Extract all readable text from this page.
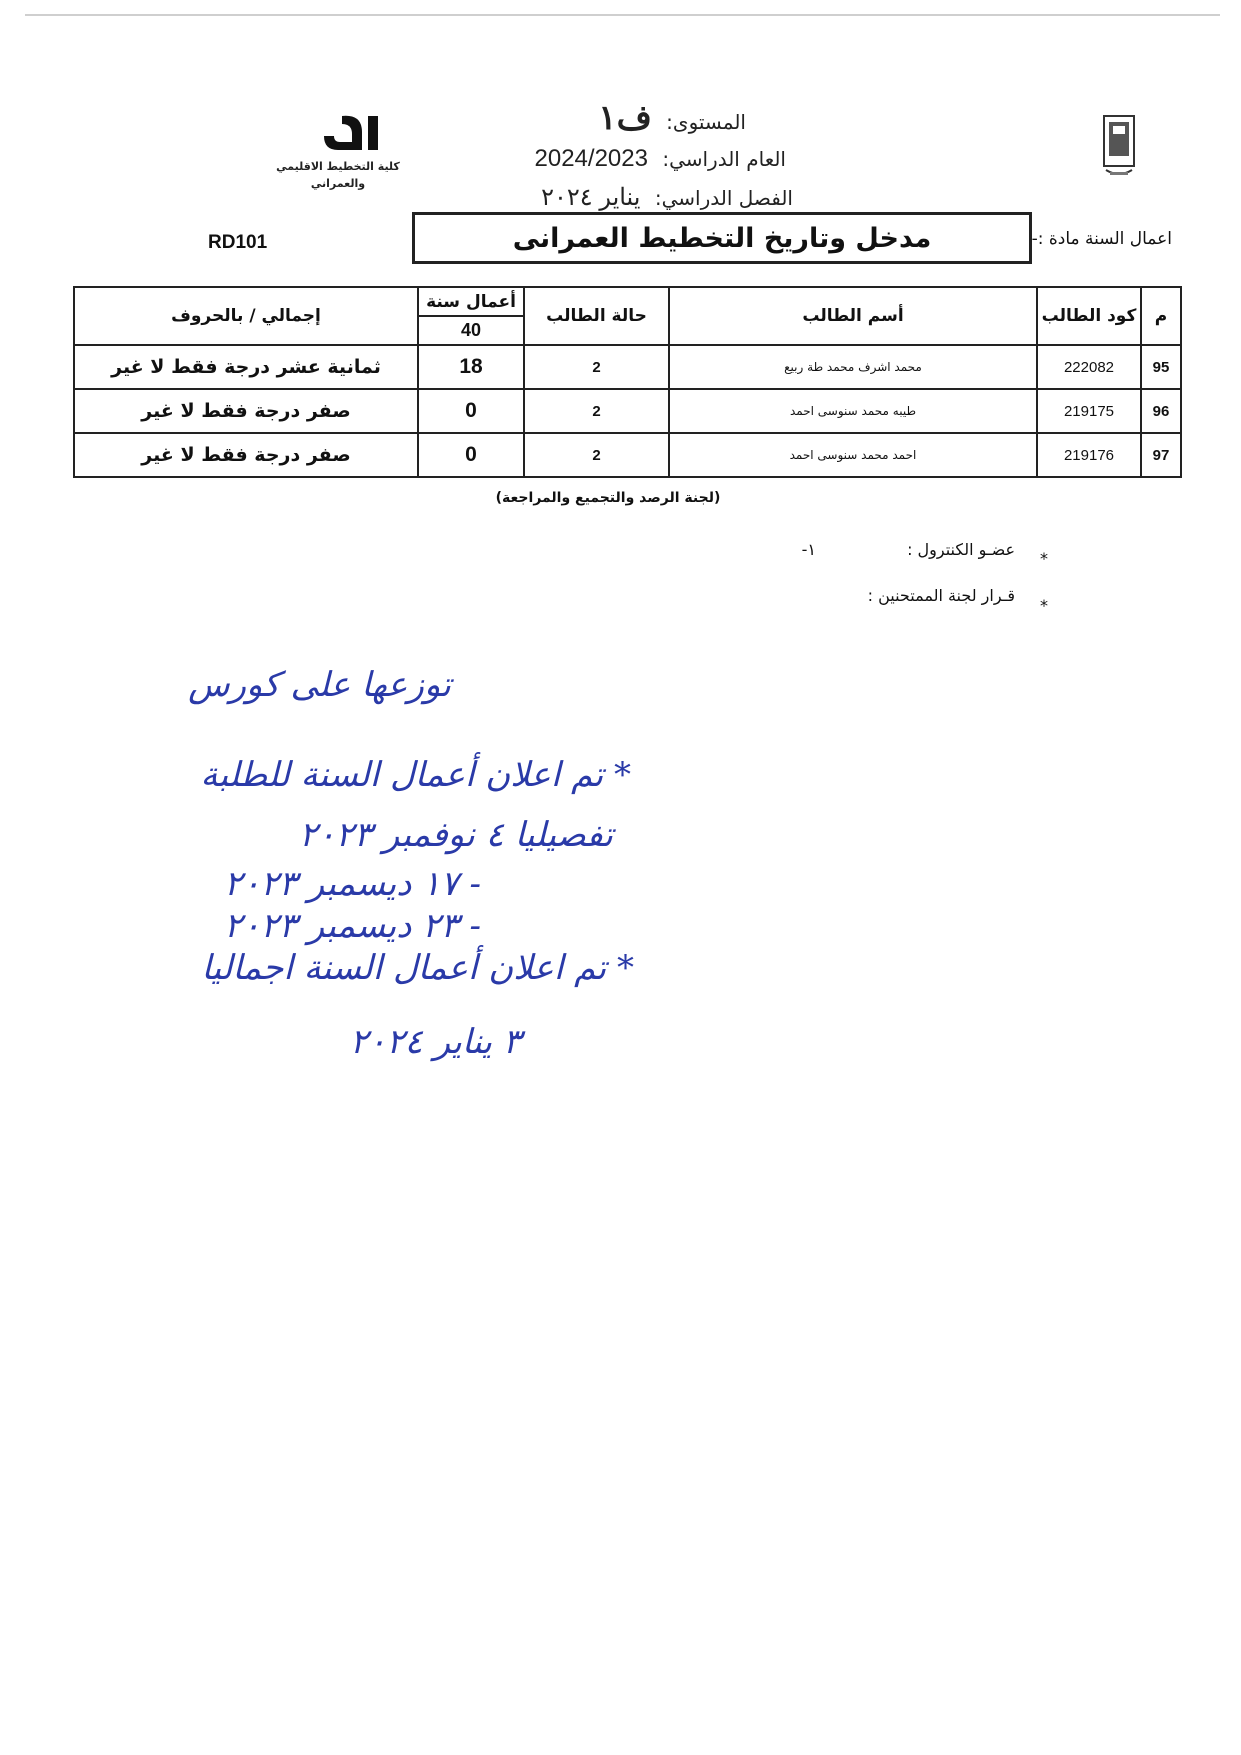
كلية التخطيط الاقليمي
والعمراني
المستوى: ف١
العام الدراسي: 2024/2023
الفصل الدراسي: يناير ٢٠٢٤
RD101	مدخل وتاريخ التخطيط العمرانى	اعمال السنة مادة :-
م	كود الطالب	أسم الطالب	حالة الطالب	أعمال سنة	إجمالي / بالحروف
				40	
95	222082	محمد اشرف محمد طة ربيع	2	18	ثمانية عشر درجة فقط لا غير
96	219175	طيبه محمد سنوسى احمد	2	0	صفر درجة فقط لا غير
97	219176	احمد محمد سنوسى احمد	2	0	صفر درجة فقط لا غير
(لجنة الرصد والتجميع والمراجعة)
*
عضـو الكنترول : ١-
*
قـرار لجنة الممتحنين :
توزعها على كورس
* تم اعلان أعمال السنة للطلبة
تفصيليا ٤ نوفمبر ٢٠٢٣
- ١٧ ديسمبر ٢٠٢٣
- ٢٣ ديسمبر ٢٠٢٣
* تم اعلان أعمال السنة اجماليا
٣ يناير ٢٠٢٤
